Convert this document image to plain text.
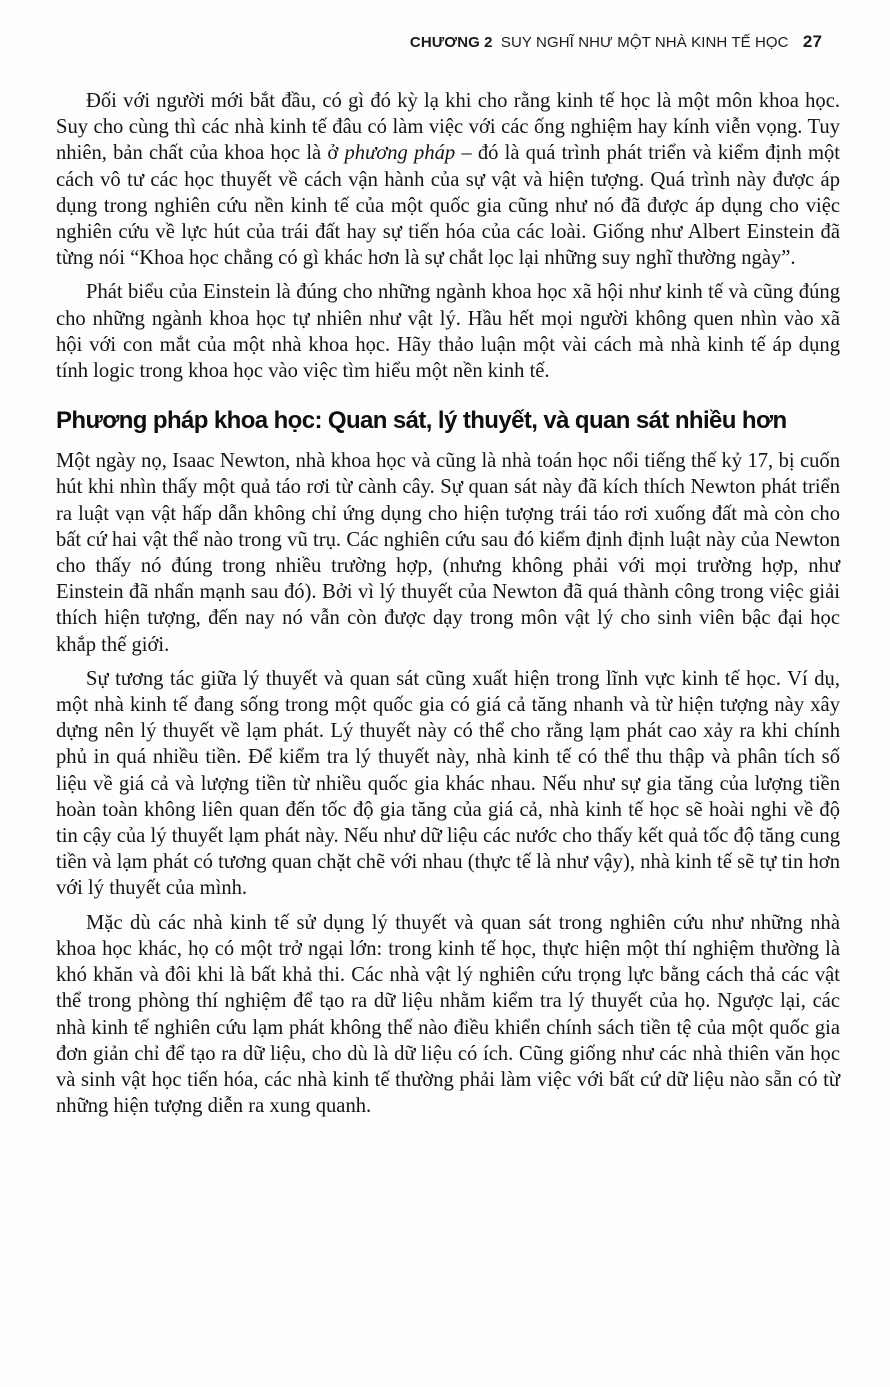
CHƯƠNG 2 SUY NGHĨ NHƯ MỘT NHÀ KINH TẾ HỌC 27

Đối với người mới bắt đầu, có gì đó kỳ lạ khi cho rằng kinh tế học là một môn khoa học. Suy cho cùng thì các nhà kinh tế đâu có làm việc với các ống nghiệm hay kính viễn vọng. Tuy nhiên, bản chất của khoa học là ở phương pháp – đó là quá trình phát triển và kiểm định một cách vô tư các học thuyết về cách vận hành của sự vật và hiện tượng. Quá trình này được áp dụng trong nghiên cứu nền kinh tế của một quốc gia cũng như nó đã được áp dụng cho việc nghiên cứu về lực hút của trái đất hay sự tiến hóa của các loài. Giống như Albert Einstein đã từng nói “Khoa học chẳng có gì khác hơn là sự chắt lọc lại những suy nghĩ thường ngày”.

Phát biểu của Einstein là đúng cho những ngành khoa học xã hội như kinh tế và cũng đúng cho những ngành khoa học tự nhiên như vật lý. Hầu hết mọi người không quen nhìn vào xã hội với con mắt của một nhà khoa học. Hãy thảo luận một vài cách mà nhà kinh tế áp dụng tính logic trong khoa học vào việc tìm hiểu một nền kinh tế.

Phương pháp khoa học: Quan sát, lý thuyết, và quan sát nhiều hơn

Một ngày nọ, Isaac Newton, nhà khoa học và cũng là nhà toán học nổi tiếng thế kỷ 17, bị cuốn hút khi nhìn thấy một quả táo rơi từ cành cây. Sự quan sát này đã kích thích Newton phát triển ra luật vạn vật hấp dẫn không chỉ ứng dụng cho hiện tượng trái táo rơi xuống đất mà còn cho bất cứ hai vật thể nào trong vũ trụ. Các nghiên cứu sau đó kiểm định định luật này của Newton cho thấy nó đúng trong nhiều trường hợp, (nhưng không phải với mọi trường hợp, như Einstein đã nhấn mạnh sau đó). Bởi vì lý thuyết của Newton đã quá thành công trong việc giải thích hiện tượng, đến nay nó vẫn còn được dạy trong môn vật lý cho sinh viên bậc đại học khắp thế giới.

Sự tương tác giữa lý thuyết và quan sát cũng xuất hiện trong lĩnh vực kinh tế học. Ví dụ, một nhà kinh tế đang sống trong một quốc gia có giá cả tăng nhanh và từ hiện tượng này xây dựng nên lý thuyết về lạm phát. Lý thuyết này có thể cho rằng lạm phát cao xảy ra khi chính phủ in quá nhiều tiền. Để kiểm tra lý thuyết này, nhà kinh tế có thể thu thập và phân tích số liệu về giá cả và lượng tiền từ nhiều quốc gia khác nhau. Nếu như sự gia tăng của lượng tiền hoàn toàn không liên quan đến tốc độ gia tăng của giá cả, nhà kinh tế học sẽ hoài nghi về độ tin cậy của lý thuyết lạm phát này. Nếu như dữ liệu các nước cho thấy kết quả tốc độ tăng cung tiền và lạm phát có tương quan chặt chẽ với nhau (thực tế là như vậy), nhà kinh tế sẽ tự tin hơn với lý thuyết của mình.

Mặc dù các nhà kinh tế sử dụng lý thuyết và quan sát trong nghiên cứu như những nhà khoa học khác, họ có một trở ngại lớn: trong kinh tế học, thực hiện một thí nghiệm thường là khó khăn và đôi khi là bất khả thi. Các nhà vật lý nghiên cứu trọng lực bằng cách thả các vật thể trong phòng thí nghiệm để tạo ra dữ liệu nhằm kiểm tra lý thuyết của họ. Ngược lại, các nhà kinh tế nghiên cứu lạm phát không thể nào điều khiển chính sách tiền tệ của một quốc gia đơn giản chỉ để tạo ra dữ liệu, cho dù là dữ liệu có ích. Cũng giống như các nhà thiên văn học và sinh vật học tiến hóa, các nhà kinh tế thường phải làm việc với bất cứ dữ liệu nào sẵn có từ những hiện tượng diễn ra xung quanh.
